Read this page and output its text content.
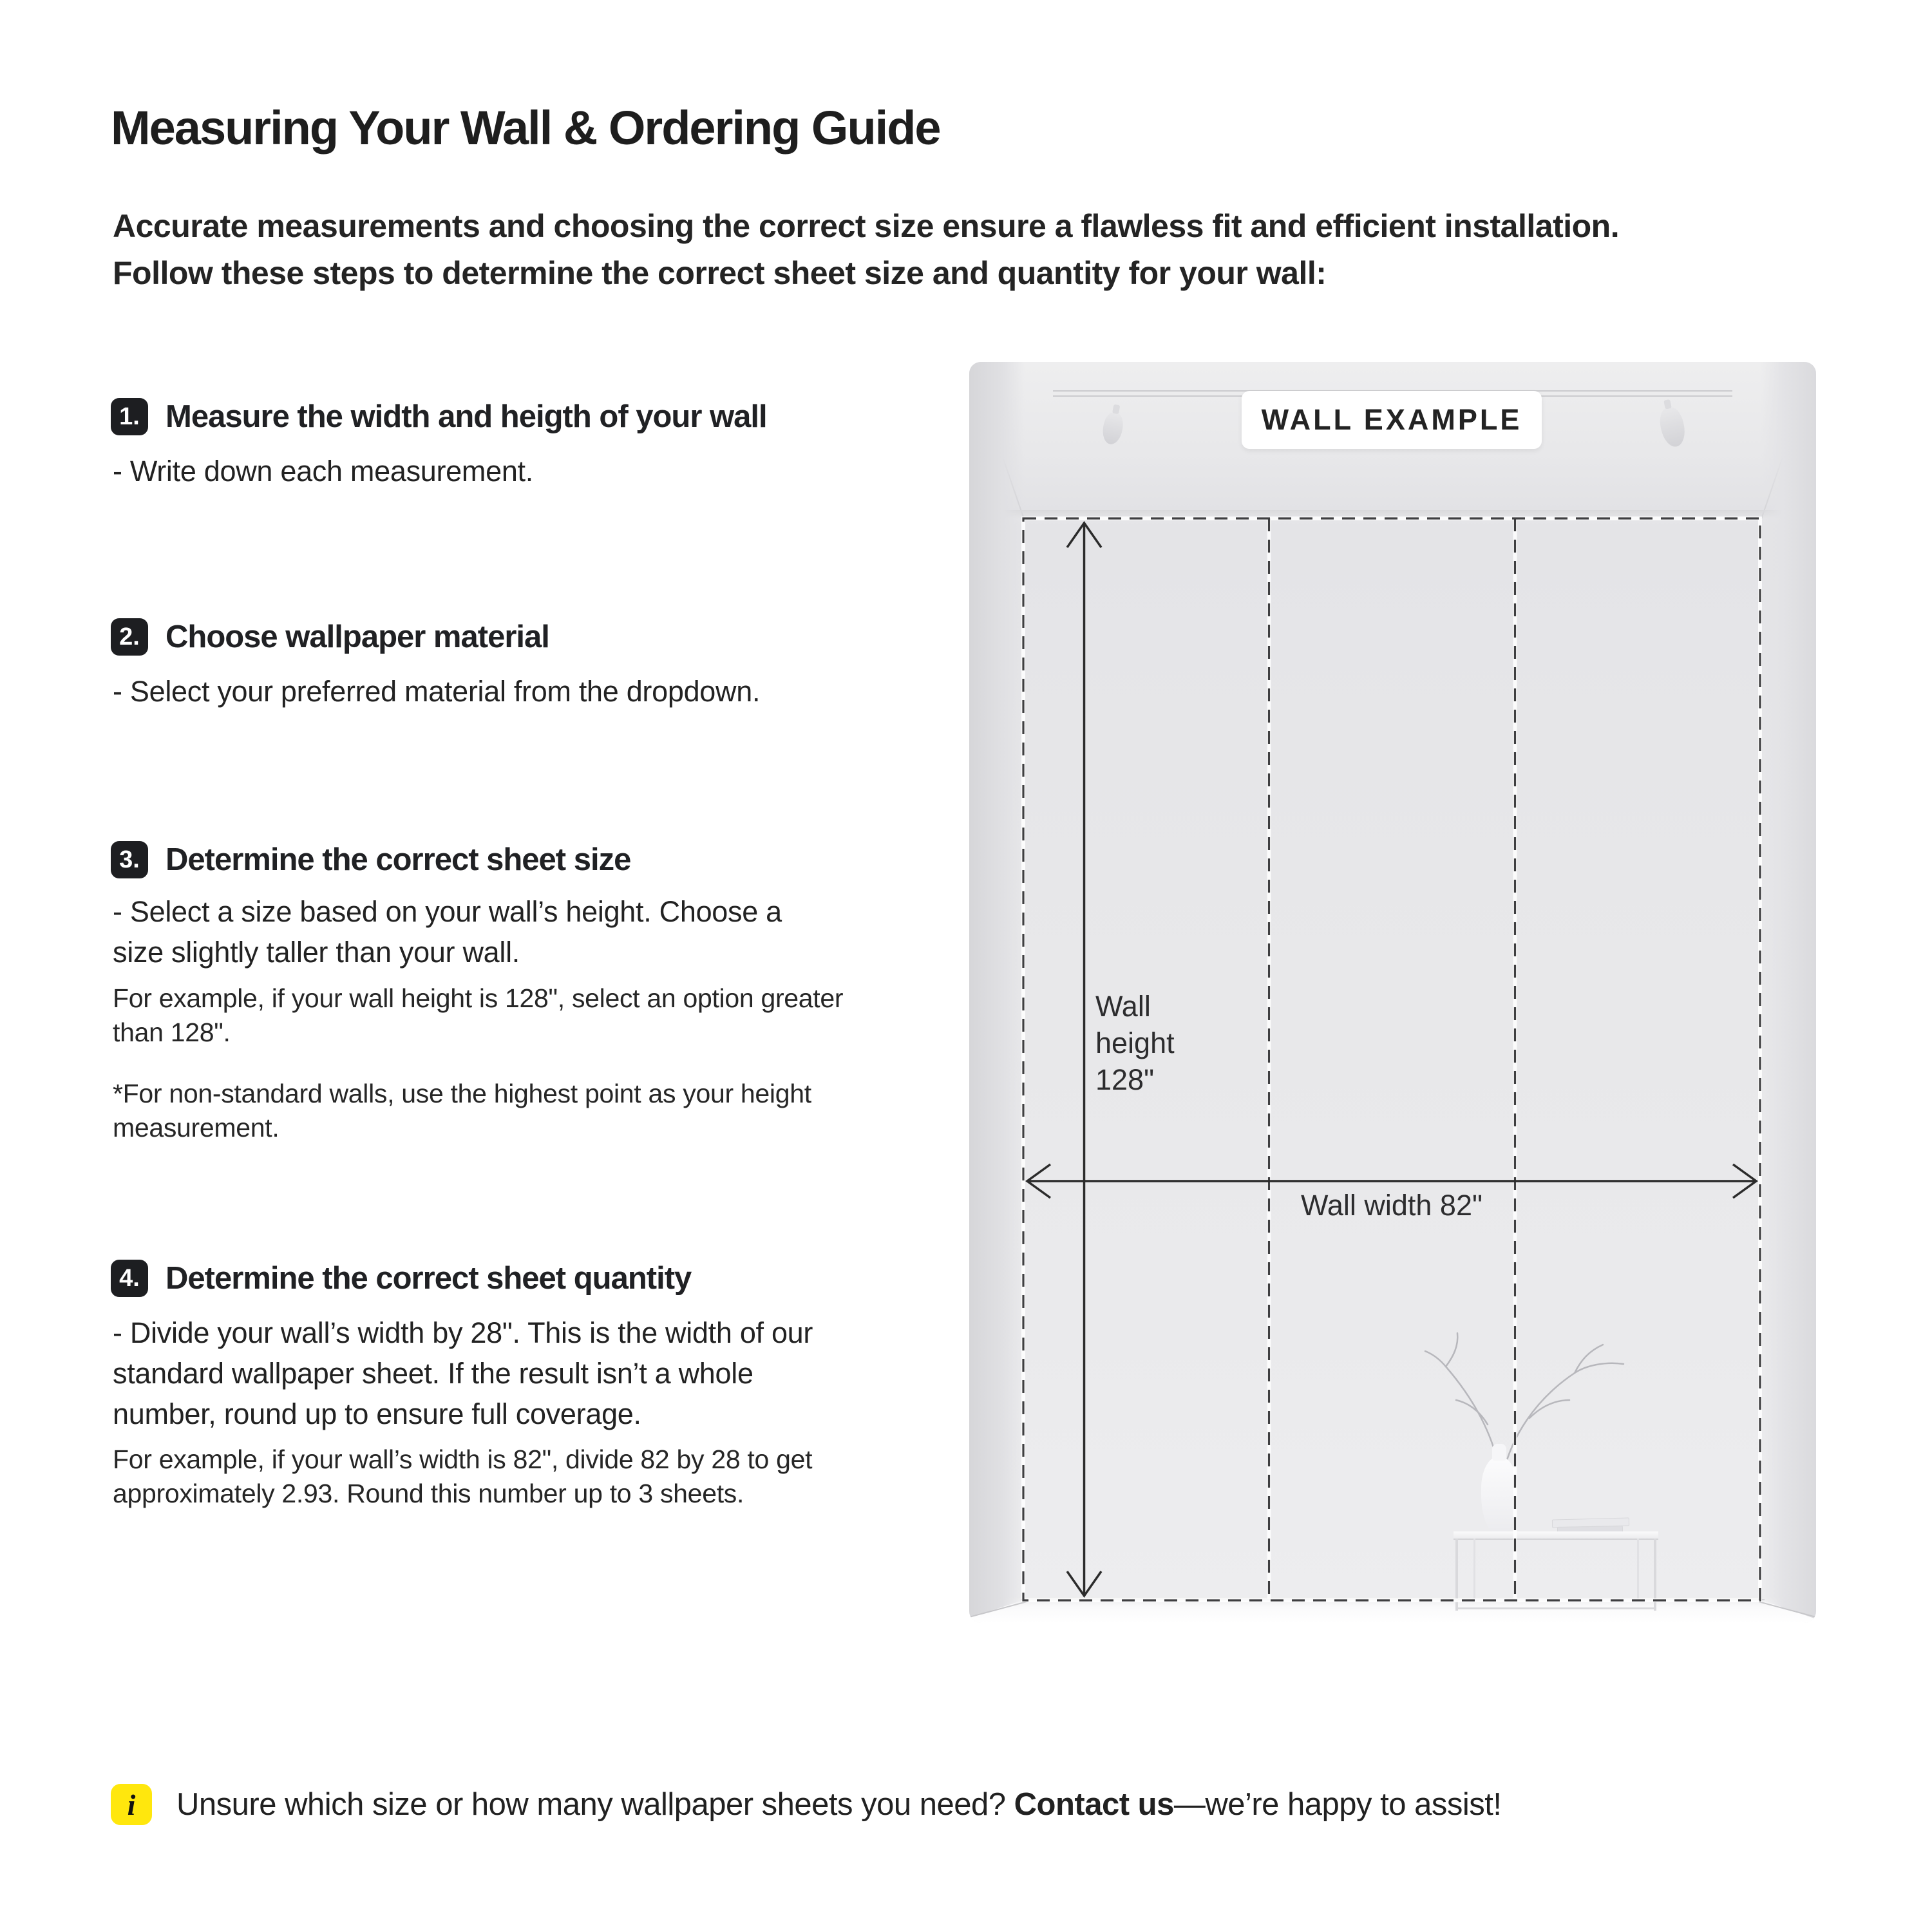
Measuring Your Wall & Ordering Guide
Accurate measurements and choosing the correct size ensure a flawless fit and efficient installation.
Follow these steps to determine the correct sheet size and quantity for your wall:
1. Measure the width and heigth of your wall
- Write down each measurement.
2. Choose wallpaper material
- Select your preferred material from the dropdown.
3. Determine the correct sheet size
- Select a size based on your wall’s height. Choose a
size slightly taller than your wall.
For example, if your wall height is 128", select an option greater
than 128".
*For non-standard walls, use the highest point as your height
measurement.
4. Determine the correct sheet quantity
- Divide your wall’s width by 28". This is the width of our
standard wallpaper sheet. If the result isn’t a whole
number, round up to ensure full coverage.
For example, if your wall’s width is 82", divide 82 by 28 to get
approximately 2.93. Round this number up to 3 sheets.
WALL EXAMPLE
Wall
height
128"
Wall width 82"
i	Unsure which size or how many wallpaper sheets you need? Contact us—we’re happy to assist!
